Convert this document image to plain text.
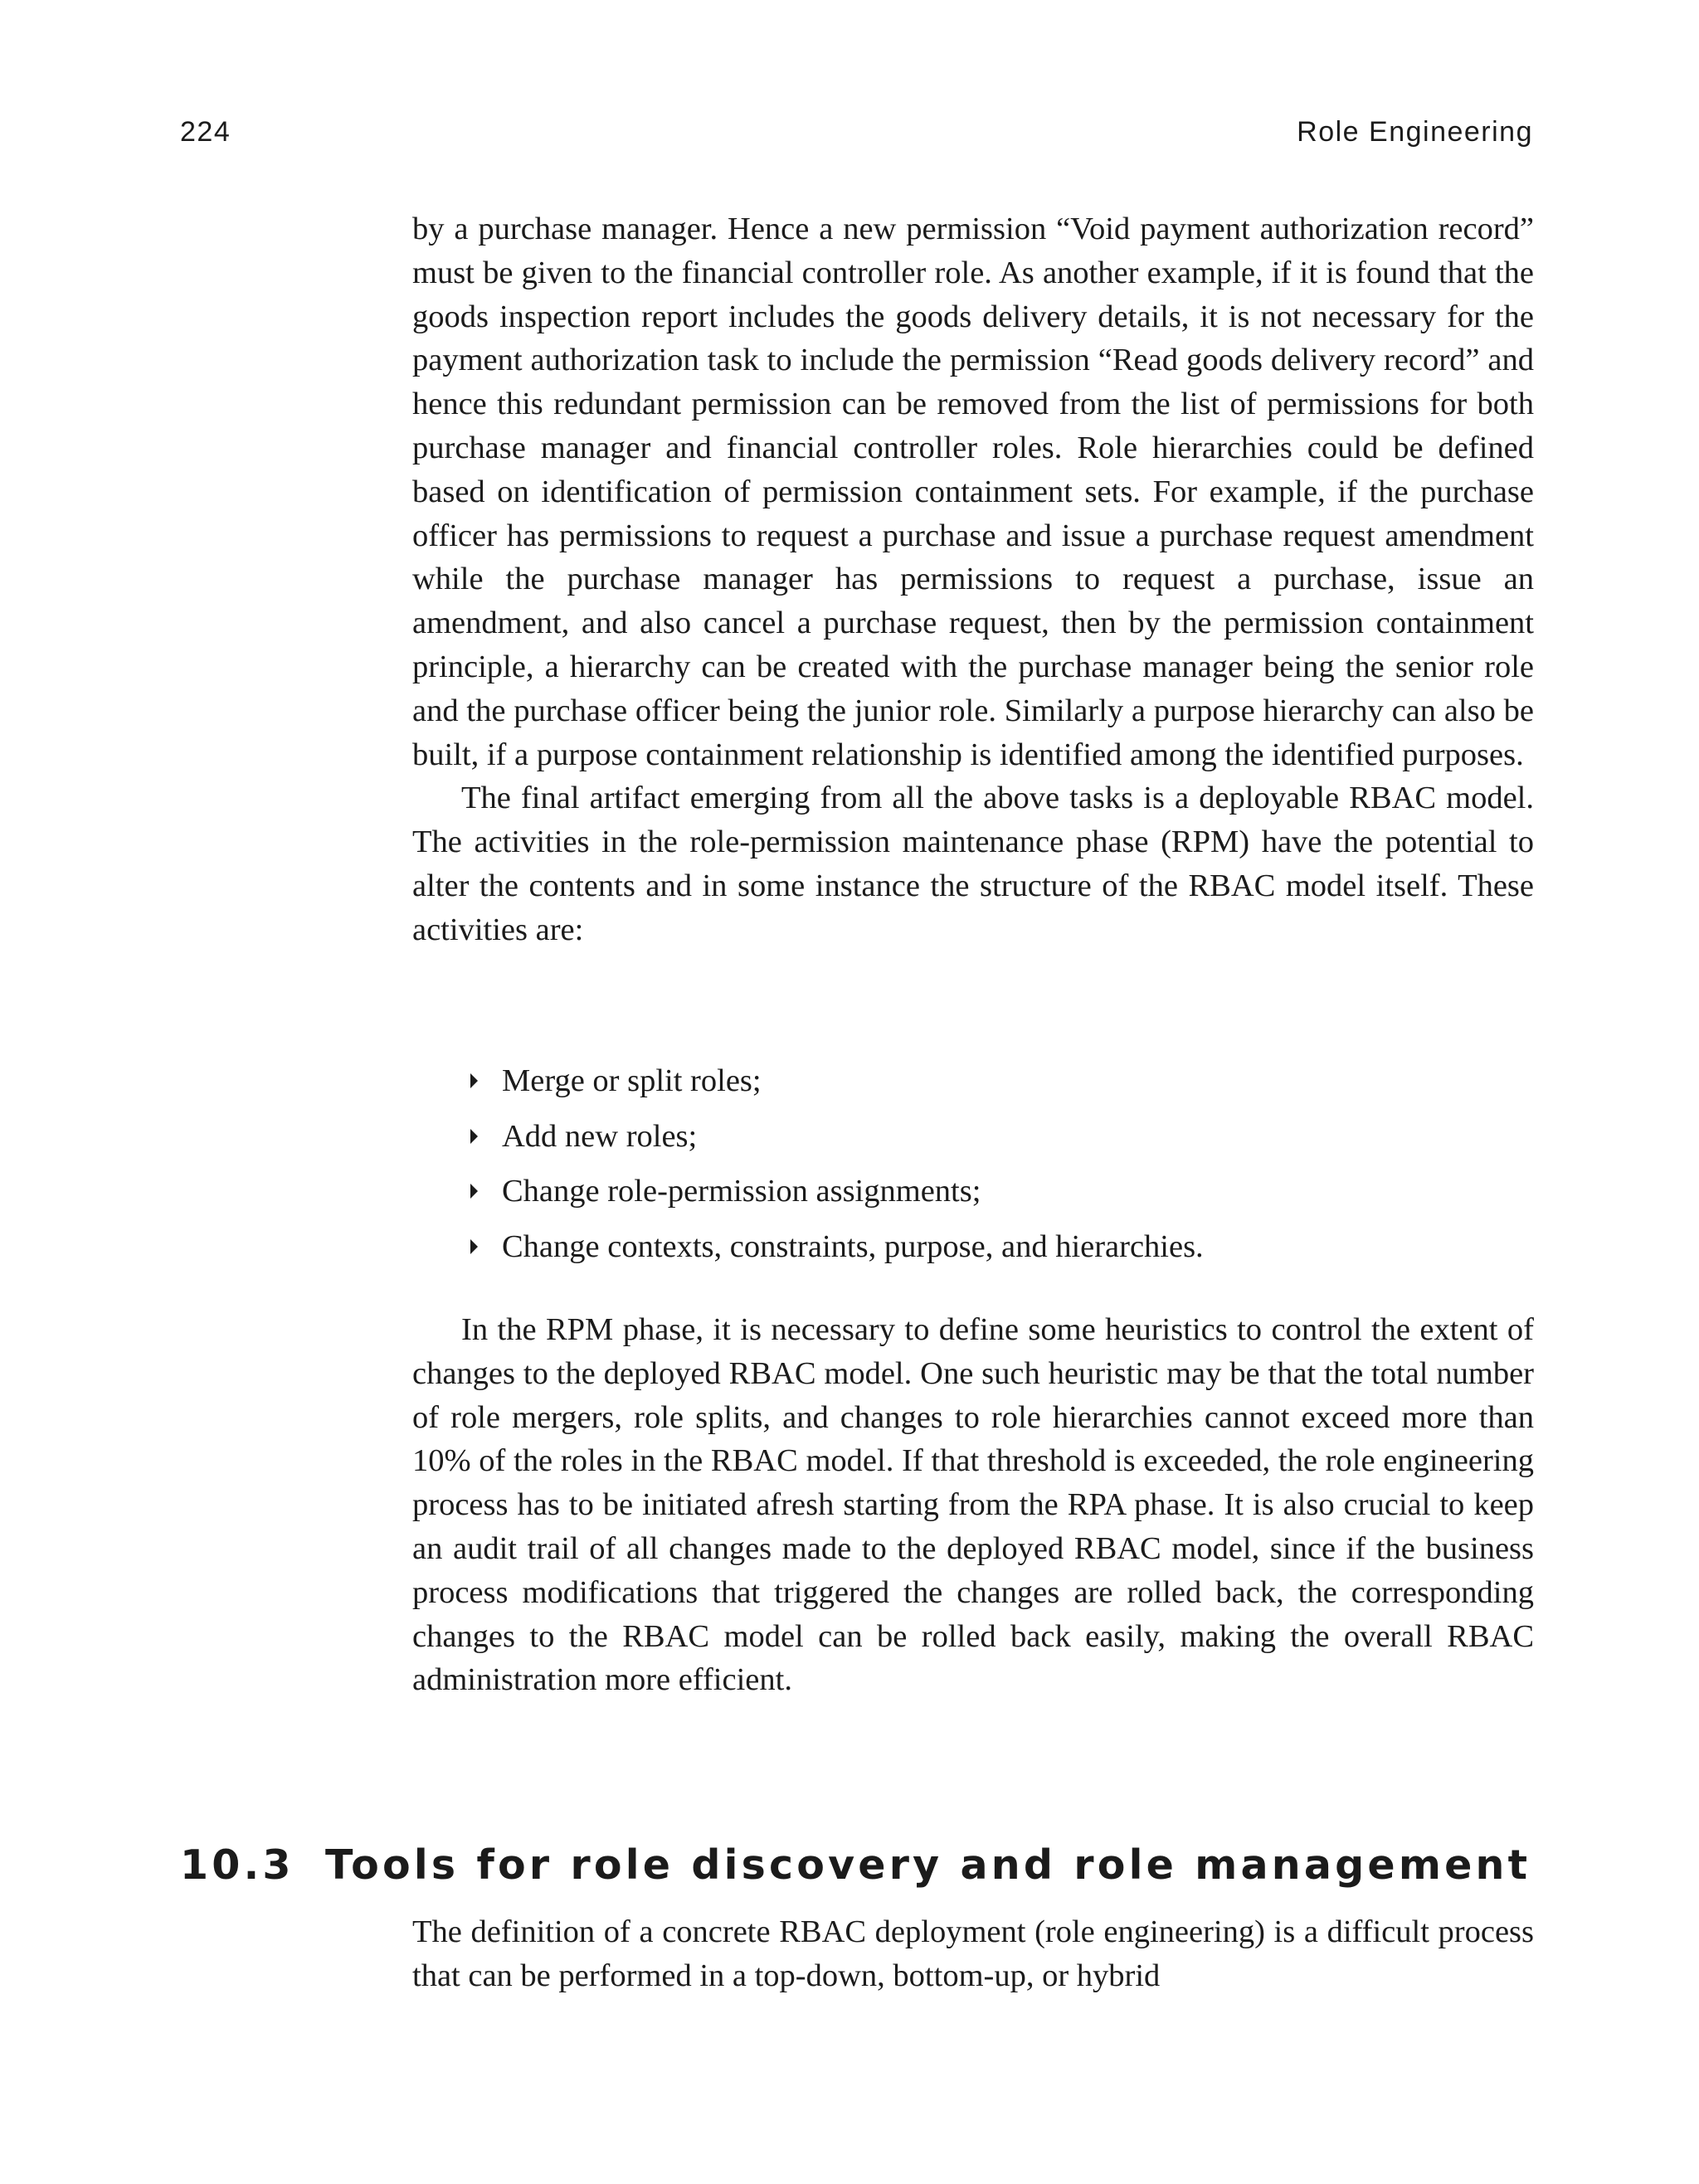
224	Role Engineering

by a purchase manager. Hence a new permission “Void payment authorization record” must be given to the financial controller role. As another example, if it is found that the goods inspection report includes the goods delivery details, it is not necessary for the payment authorization task to include the permission “Read goods delivery record” and hence this redundant permission can be removed from the list of permissions for both purchase manager and financial controller roles. Role hierarchies could be defined based on identification of permission containment sets. For example, if the purchase officer has permissions to request a purchase and issue a purchase request amendment while the purchase manager has permissions to request a purchase, issue an amendment, and also cancel a purchase request, then by the permission containment principle, a hierarchy can be created with the purchase manager being the senior role and the purchase officer being the junior role. Similarly a purpose hierarchy can also be built, if a purpose containment relationship is identified among the identified purposes.

The final artifact emerging from all the above tasks is a deployable RBAC model. The activities in the role-permission maintenance phase (RPM) have the potential to alter the contents and in some instance the structure of the RBAC model itself. These activities are:

Merge or split roles;
Add new roles;
Change role-permission assignments;
Change contexts, constraints, purpose, and hierarchies.

In the RPM phase, it is necessary to define some heuristics to control the extent of changes to the deployed RBAC model. One such heuristic may be that the total number of role mergers, role splits, and changes to role hierarchies cannot exceed more than 10% of the roles in the RBAC model. If that threshold is exceeded, the role engineering process has to be initiated afresh starting from the RPA phase. It is also crucial to keep an audit trail of all changes made to the deployed RBAC model, since if the business process modifications that triggered the changes are rolled back, the corresponding changes to the RBAC model can be rolled back easily, making the overall RBAC administration more efficient.

10.3 Tools for role discovery and role management

The definition of a concrete RBAC deployment (role engineering) is a difficult process that can be performed in a top-down, bottom-up, or hybrid
